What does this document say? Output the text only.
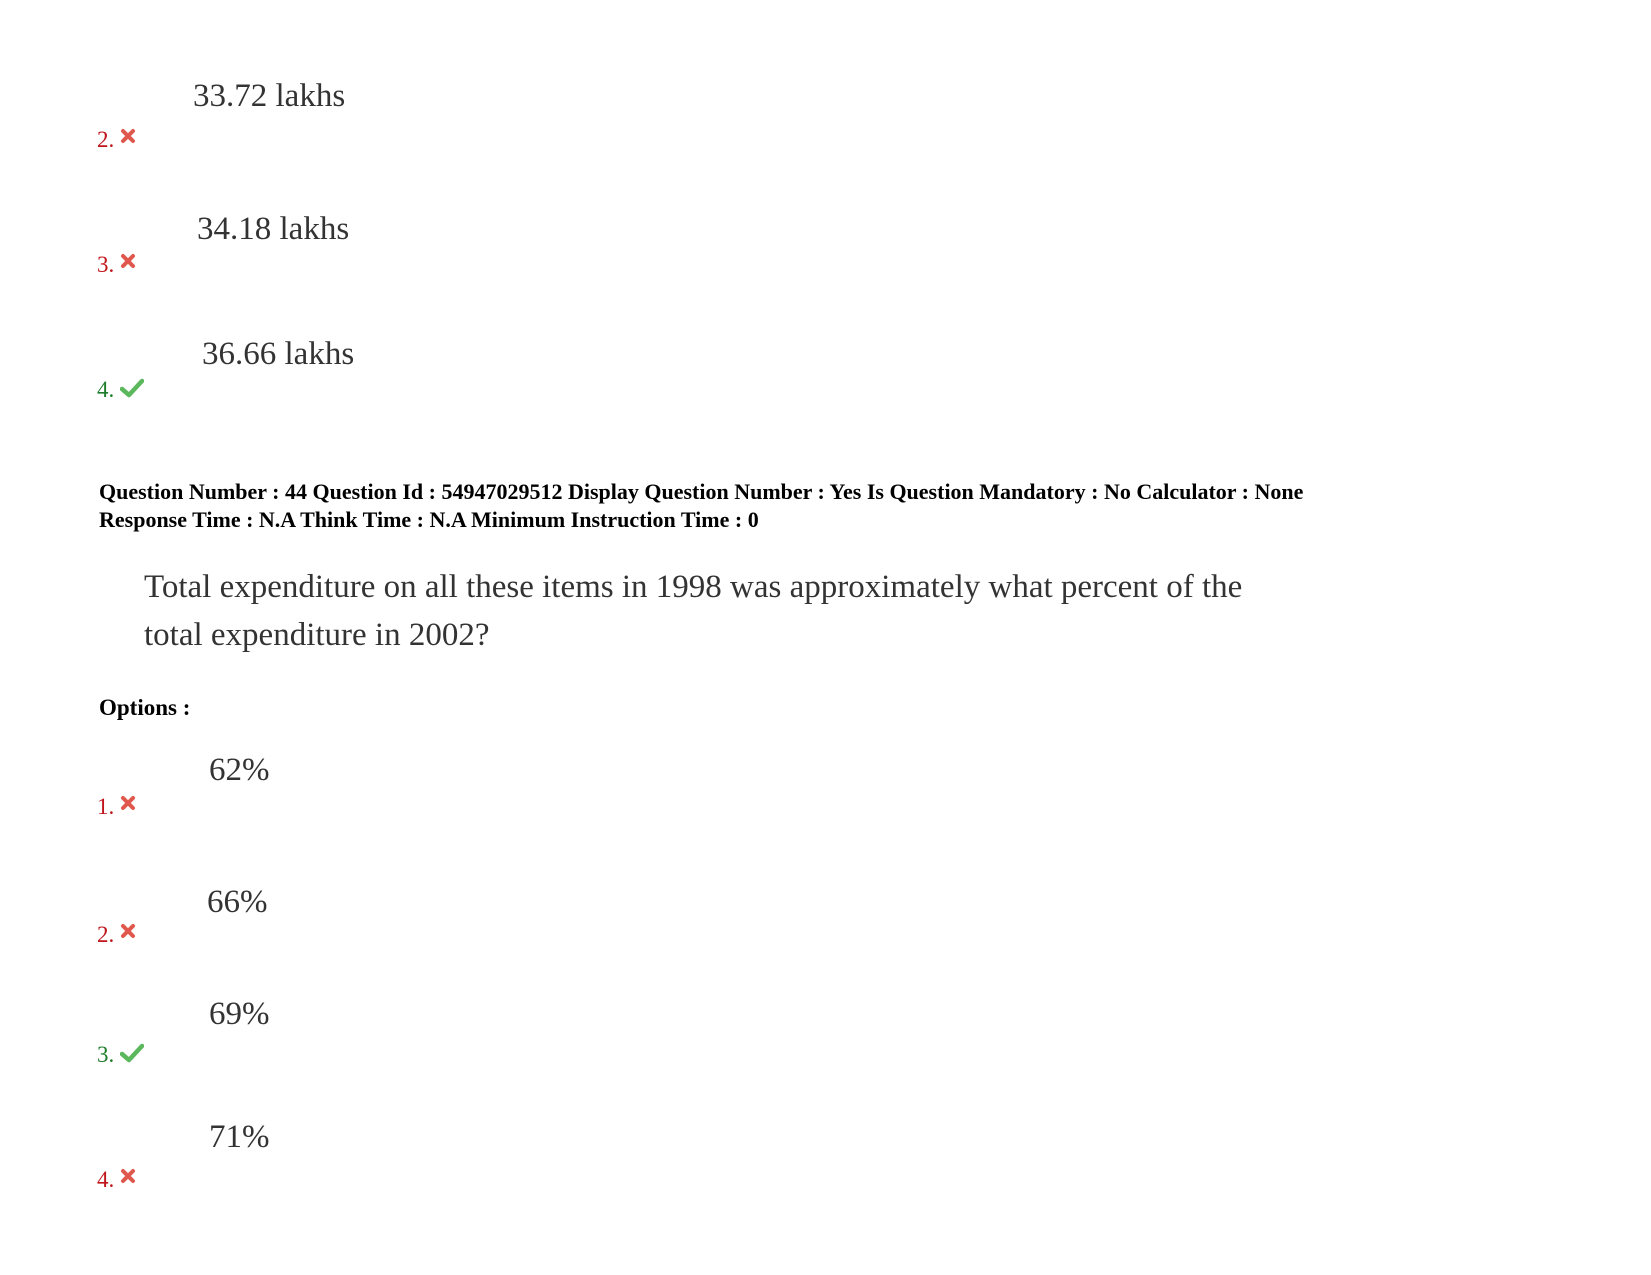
33.72 lakhs
2.
34.18 lakhs
3.
36.66 lakhs
4.
Question Number : 44 Question Id : 54947029512 Display Question Number : Yes Is Question Mandatory : No Calculator : None
Response Time : N.A Think Time : N.A Minimum Instruction Time : 0
Total expenditure on all these items in 1998 was approximately what percent of the
total expenditure in 2002?
Options :
62%
1.
66%
2.
69%
3.
71%
4.
